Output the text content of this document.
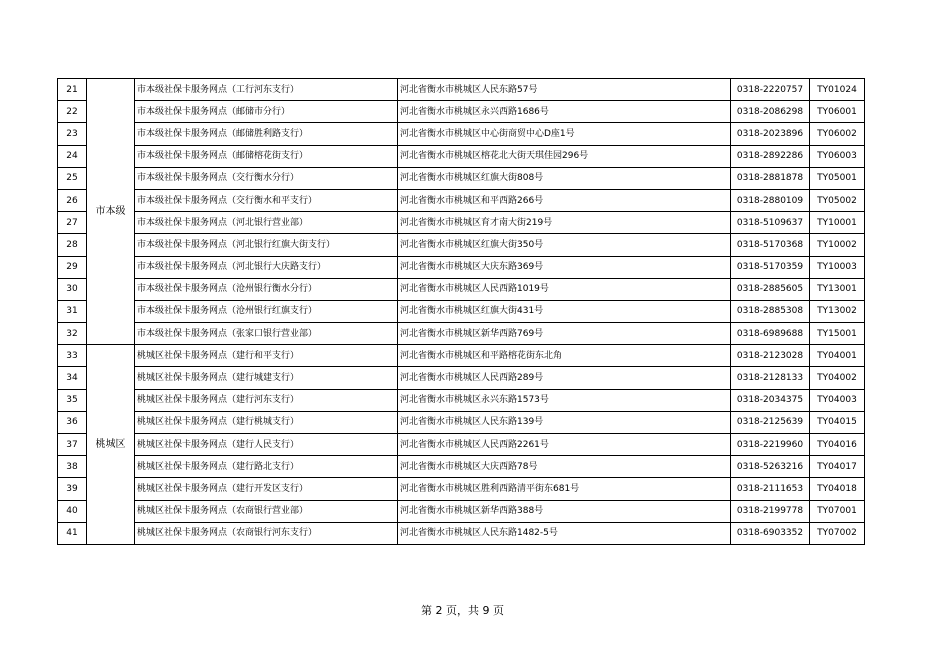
21	市本级	市本级社保卡服务网点（工行河东支行）	河北省衡水市桃城区人民东路57号	0318-2220757	TY01024
22		市本级社保卡服务网点（邮储市分行）	河北省衡水市桃城区永兴西路1686号	0318-2086298	TY06001
23		市本级社保卡服务网点（邮储胜利路支行）	河北省衡水市桃城区中心街商贸中心D座1号	0318-2023896	TY06002
24		市本级社保卡服务网点（邮储榕花街支行）	河北省衡水市桃城区榕花北大街天琪佳园296号	0318-2892286	TY06003
25		市本级社保卡服务网点（交行衡水分行）	河北省衡水市桃城区红旗大街808号	0318-2881878	TY05001
26		市本级社保卡服务网点（交行衡水和平支行）	河北省衡水市桃城区和平西路266号	0318-2880109	TY05002
27		市本级社保卡服务网点（河北银行营业部）	河北省衡水市桃城区育才南大街219号	0318-5109637	TY10001
28		市本级社保卡服务网点（河北银行红旗大街支行）	河北省衡水市桃城区红旗大街350号	0318-5170368	TY10002
29		市本级社保卡服务网点（河北银行大庆路支行）	河北省衡水市桃城区大庆东路369号	0318-5170359	TY10003
30		市本级社保卡服务网点（沧州银行衡水分行）	河北省衡水市桃城区人民西路1019号	0318-2885605	TY13001
31		市本级社保卡服务网点（沧州银行红旗支行）	河北省衡水市桃城区红旗大街431号	0318-2885308	TY13002
32		市本级社保卡服务网点（张家口银行营业部）	河北省衡水市桃城区新华西路769号	0318-6989688	TY15001
33	桃城区	桃城区社保卡服务网点（建行和平支行）	河北省衡水市桃城区和平路榕花街东北角	0318-2123028	TY04001
34		桃城区社保卡服务网点（建行城建支行）	河北省衡水市桃城区人民西路289号	0318-2128133	TY04002
35		桃城区社保卡服务网点（建行河东支行）	河北省衡水市桃城区永兴东路1573号	0318-2034375	TY04003
36		桃城区社保卡服务网点（建行桃城支行）	河北省衡水市桃城区人民东路139号	0318-2125639	TY04015
37		桃城区社保卡服务网点（建行人民支行）	河北省衡水市桃城区人民西路2261号	0318-2219960	TY04016
38		桃城区社保卡服务网点（建行路北支行）	河北省衡水市桃城区大庆西路78号	0318-5263216	TY04017
39		桃城区社保卡服务网点（建行开发区支行）	河北省衡水市桃城区胜利西路清平街东681号	0318-2111653	TY04018
40		桃城区社保卡服务网点（农商银行营业部）	河北省衡水市桃城区新华西路388号	0318-2199778	TY07001
41		桃城区社保卡服务网点（农商银行河东支行）	河北省衡水市桃城区人民东路1482-5号	0318-6903352	TY07002
第 2 页，共 9 页
